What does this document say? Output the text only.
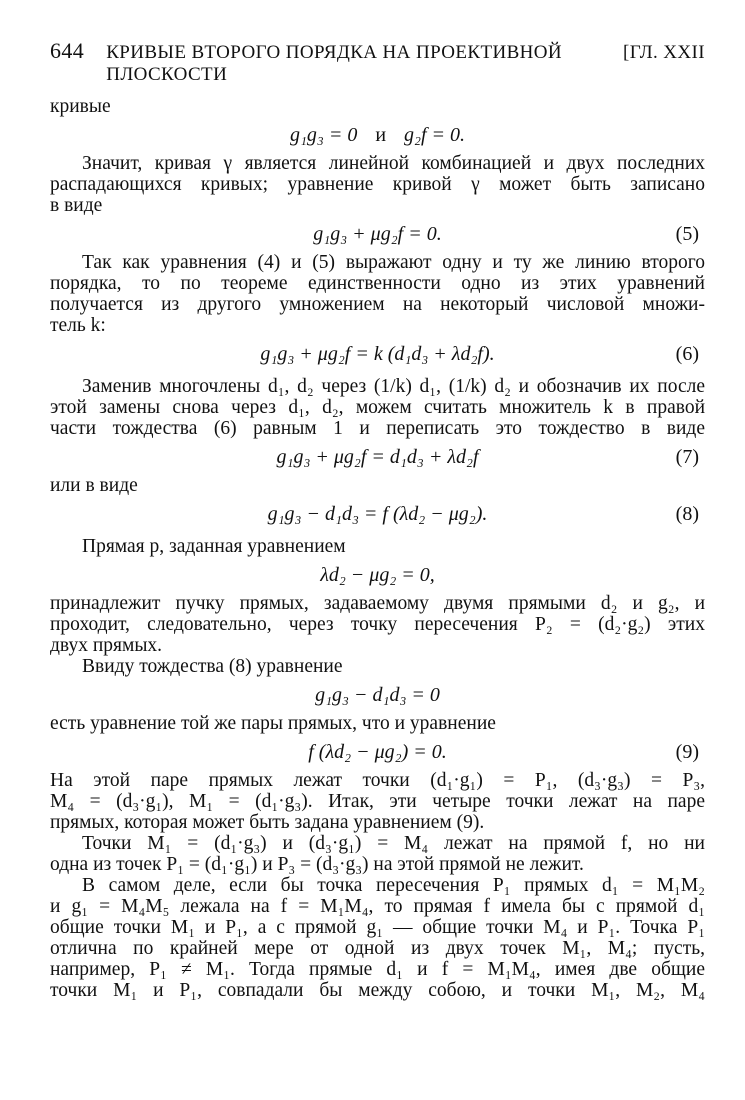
644 КРИВЫЕ ВТОРОГО ПОРЯДКА НА ПРОЕКТИВНОЙ ПЛОСКОСТИ
[ГЛ. XXII
кривые
g₁g₃ = 0 и g₂f = 0.
Значит, кривая γ является линейной комбинацией и двух последних
распадающихся кривых; уравнение кривой γ может быть записано
в виде
g₁g₃ + μg₂f = 0.	(5)
Так как уравнения (4) и (5) выражают одну и ту же линию второго
порядка, то по теореме единственности одно из этих уравнений
получается из другого умножением на некоторый числовой множи-
тель k:
g₁g₃ + μg₂f = k (d₁d₃ + λd₂f).	(6)
Заменив многочлены d₁, d₂ через (1/k) d₁, (1/k) d₂ и обозначив их после
этой замены снова через d₁, d₂, можем считать множитель k в правой
части тождества (6) равным 1 и переписать это тождество в виде
g₁g₃ + μg₂f = d₁d₃ + λd₂f	(7)
или в виде
g₁g₃ − d₁d₃ = f (λd₂ − μg₂).	(8)
Прямая p, заданная уравнением
λd₂ − μg₂ = 0,
принадлежит пучку прямых, задаваемому двумя прямыми d₂ и g₂, и
проходит, следовательно, через точку пересечения P₂ = (d₂·g₂) этих
двух прямых.
Ввиду тождества (8) уравнение
g₁g₃ − d₁d₃ = 0
есть уравнение той же пары прямых, что и уравнение
f (λd₂ − μg₂) = 0.	(9)
На этой паре прямых лежат точки (d₁·g₁) = P₁, (d₃·g₃) = P₃,
M₄ = (d₃·g₁), M₁ = (d₁·g₃). Итак, эти четыре точки лежат на паре
прямых, которая может быть задана уравнением (9).
Точки M₁ = (d₁·g₃) и (d₃·g₁) = M₄ лежат на прямой f, но ни
одна из точек P₁ = (d₁·g₁) и P₃ = (d₃·g₃) на этой прямой не лежит.
В самом деле, если бы точка пересечения P₁ прямых d₁ = M₁M₂
и g₁ = M₄M₅ лежала на f = M₁M₄, то прямая f имела бы с прямой d₁
общие точки M₁ и P₁, а с прямой g₁ — общие точки M₄ и P₁. Точка P₁
отлична по крайней мере от одной из двух точек M₁, M₄; пусть,
например, P₁ ≠ M₁. Тогда прямые d₁ и f = M₁M₄, имея две общие
точки M₁ и P₁, совпадали бы между собою, и точки M₁, M₂, M₄
